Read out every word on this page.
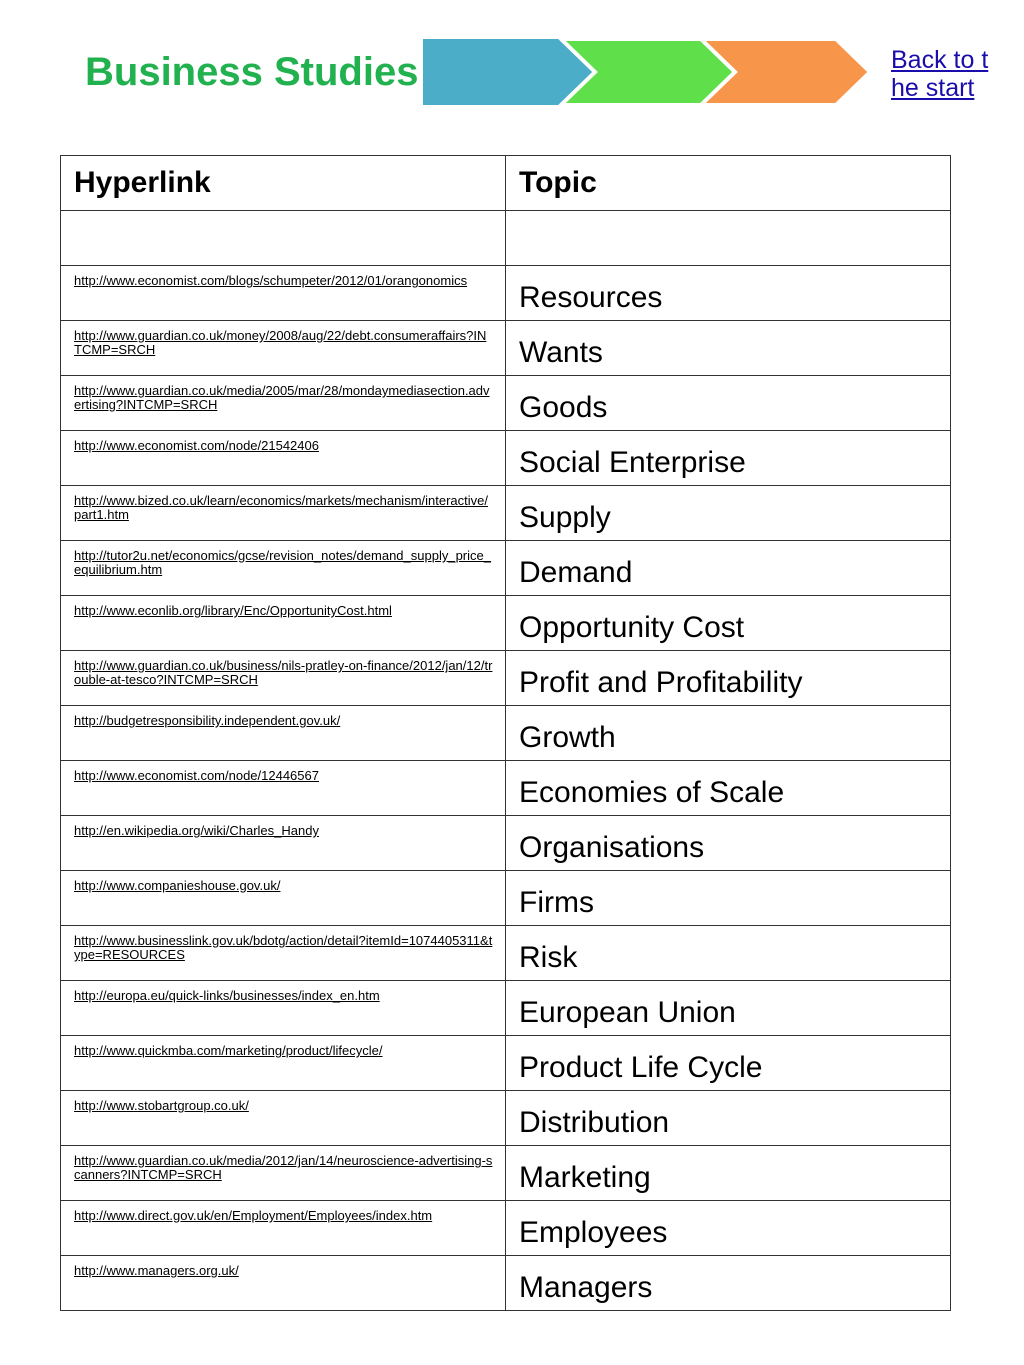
Business Studies	Back to the start
Hyperlink	Topic

http://www.economist.com/blogs/schumpeter/2012/01/orangonomics	Resources

http://www.guardian.co.uk/money/2008/aug/22/debt.consumeraffairs?INTCMP=SRCH	Wants

http://www.guardian.co.uk/media/2005/mar/28/mondaymediasection.advertising?INTCMP=SRCH	Goods

http://www.economist.com/node/21542406	Social Enterprise

http://www.bized.co.uk/learn/economics/markets/mechanism/interactive/part1.htm	Supply

http://tutor2u.net/economics/gcse/revision_notes/demand_supply_price_equilibrium.htm	Demand

http://www.econlib.org/library/Enc/OpportunityCost.html	Opportunity Cost

http://www.guardian.co.uk/business/nils-pratley-on-finance/2012/jan/12/trouble-at-tesco?INTCMP=SRCH	Profit and Profitability

http://budgetresponsibility.independent.gov.uk/	Growth

http://www.economist.com/node/12446567	Economies of Scale

http://en.wikipedia.org/wiki/Charles_Handy	Organisations

http://www.companieshouse.gov.uk/	Firms

http://www.businesslink.gov.uk/bdotg/action/detail?itemId=1074405311&type=RESOURCES	Risk

http://europa.eu/quick-links/businesses/index_en.htm	European Union

http://www.quickmba.com/marketing/product/lifecycle/	Product Life Cycle

http://www.stobartgroup.co.uk/	Distribution

http://www.guardian.co.uk/media/2012/jan/14/neuroscience-advertising-scanners?INTCMP=SRCH	Marketing

http://www.direct.gov.uk/en/Employment/Employees/index.htm	Employees

http://www.managers.org.uk/	Managers
